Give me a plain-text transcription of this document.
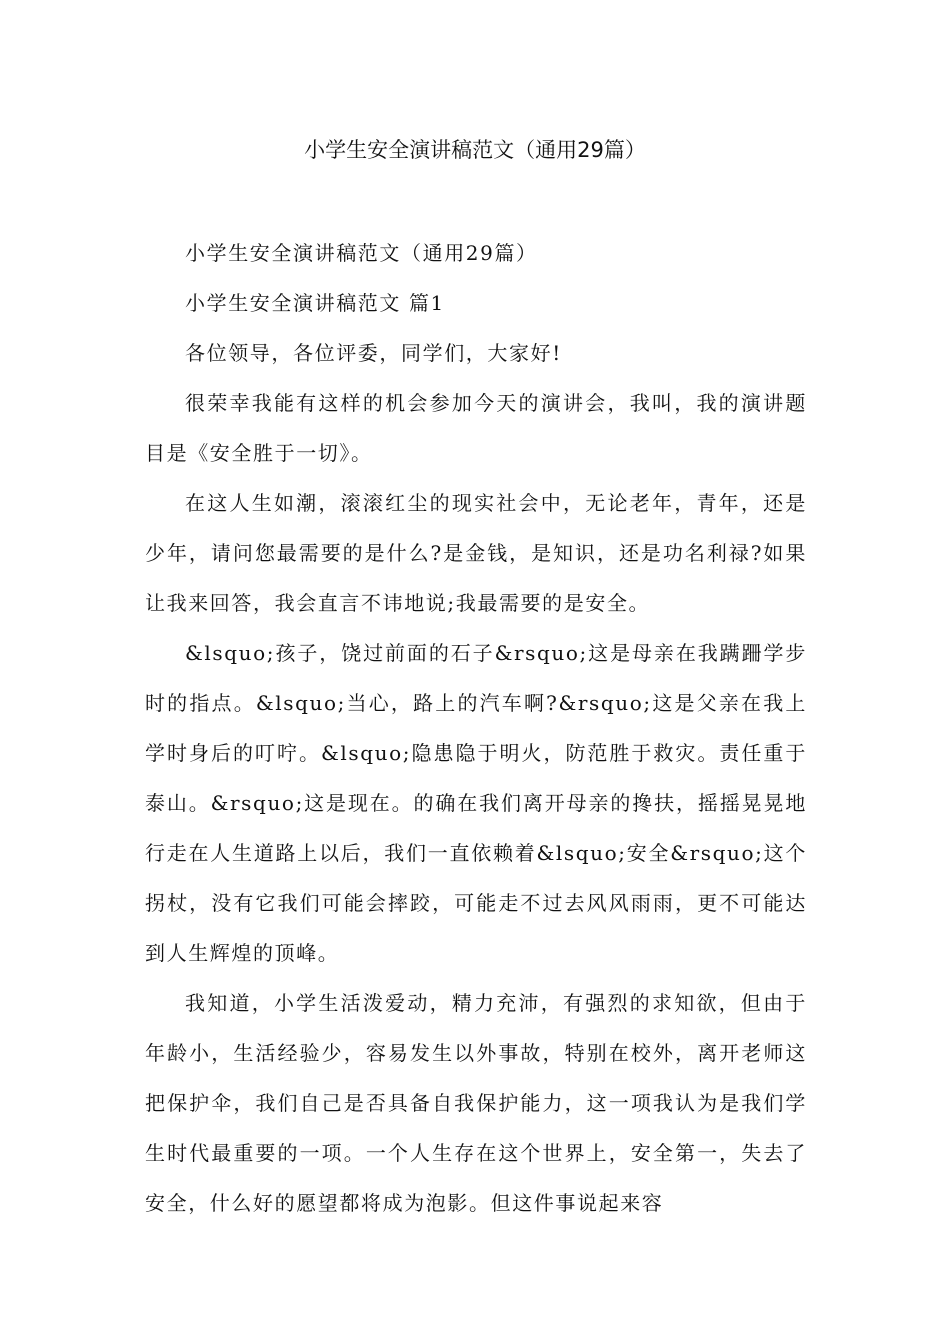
小学生安全演讲稿范文（通用29篇）

小学生安全演讲稿范文（通用29篇）

小学生安全演讲稿范文 篇1

各位领导，各位评委，同学们，大家好!

很荣幸我能有这样的机会参加今天的演讲会，我叫，我的演讲题目是《安全胜于一切》。

在这人生如潮，滚滚红尘的现实社会中，无论老年，青年，还是少年，请问您最需要的是什么?是金钱，是知识，还是功名利禄?如果让我来回答，我会直言不讳地说;我最需要的是安全。

&lsquo;孩子，饶过前面的石子&rsquo;这是母亲在我蹒跚学步时的指点。&lsquo;当心，路上的汽车啊?&rsquo;这是父亲在我上学时身后的叮咛。&lsquo;隐患隐于明火，防范胜于救灾。责任重于泰山。&rsquo;这是现在。的确在我们离开母亲的搀扶，摇摇晃晃地行走在人生道路上以后，我们一直依赖着&lsquo;安全&rsquo;这个拐杖，没有它我们可能会摔跤，可能走不过去风风雨雨，更不可能达到人生辉煌的顶峰。

我知道，小学生活泼爱动，精力充沛，有强烈的求知欲，但由于年龄小，生活经验少，容易发生以外事故，特别在校外，离开老师这把保护伞，我们自己是否具备自我保护能力，这一项我认为是我们学生时代最重要的一项。一个人生存在这个世界上，安全第一，失去了安全，什么好的愿望都将成为泡影。但这件事说起来容
